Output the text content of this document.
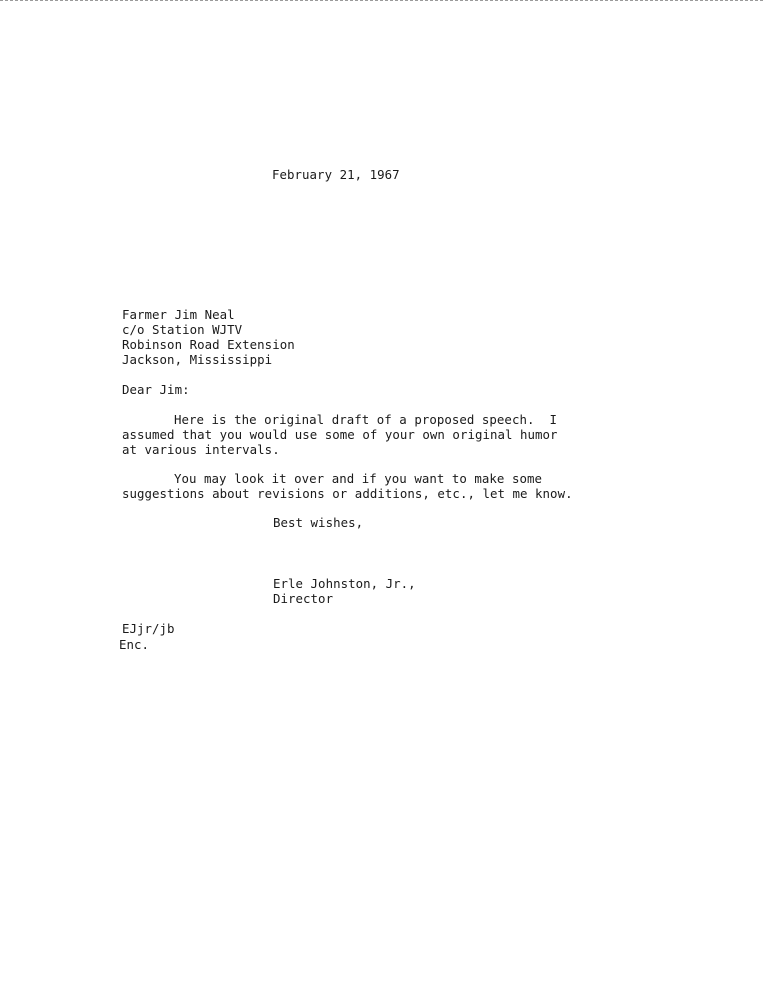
February 21, 1967
Farmer Jim Neal
c/o Station WJTV
Robinson Road Extension
Jackson, Mississippi
Dear Jim:
Here is the original draft of a proposed speech.  I
assumed that you would use some of your own original humor
at various intervals.
You may look it over and if you want to make some
suggestions about revisions or additions, etc., let me know.
Best wishes,
Erle Johnston, Jr.,
Director
EJjr/jb
Enc.
